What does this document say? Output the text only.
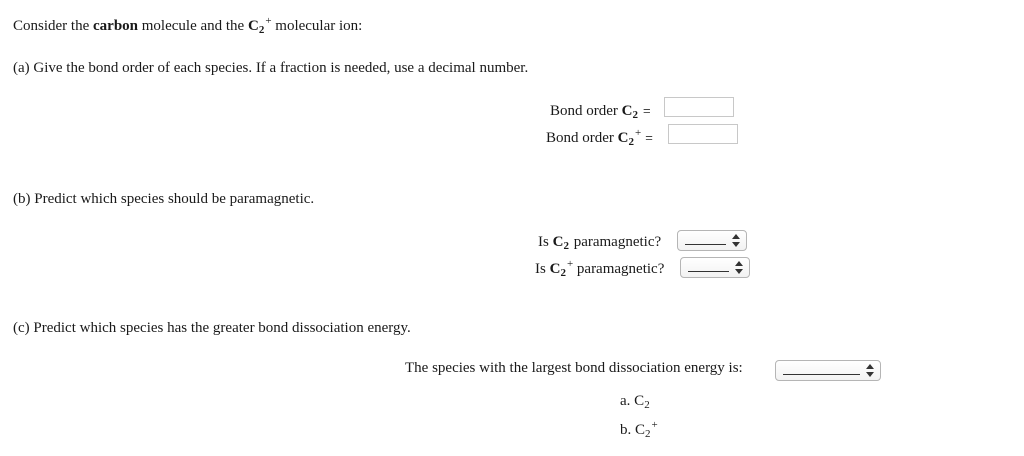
Consider the carbon molecule and the $C_2^+$ molecular ion:
(a) Give the bond order of each species. If a fraction is needed, use a decimal number.
Bond order $C_2$ =
Bond order $C_2^+$ =
(b) Predict which species should be paramagnetic.
Is $C_2$ paramagnetic?
Is $C_2^+$ paramagnetic?
(c) Predict which species has the greater bond dissociation energy.
The species with the largest bond dissociation energy is:
a. $C_2$
b. $C_2^+$
